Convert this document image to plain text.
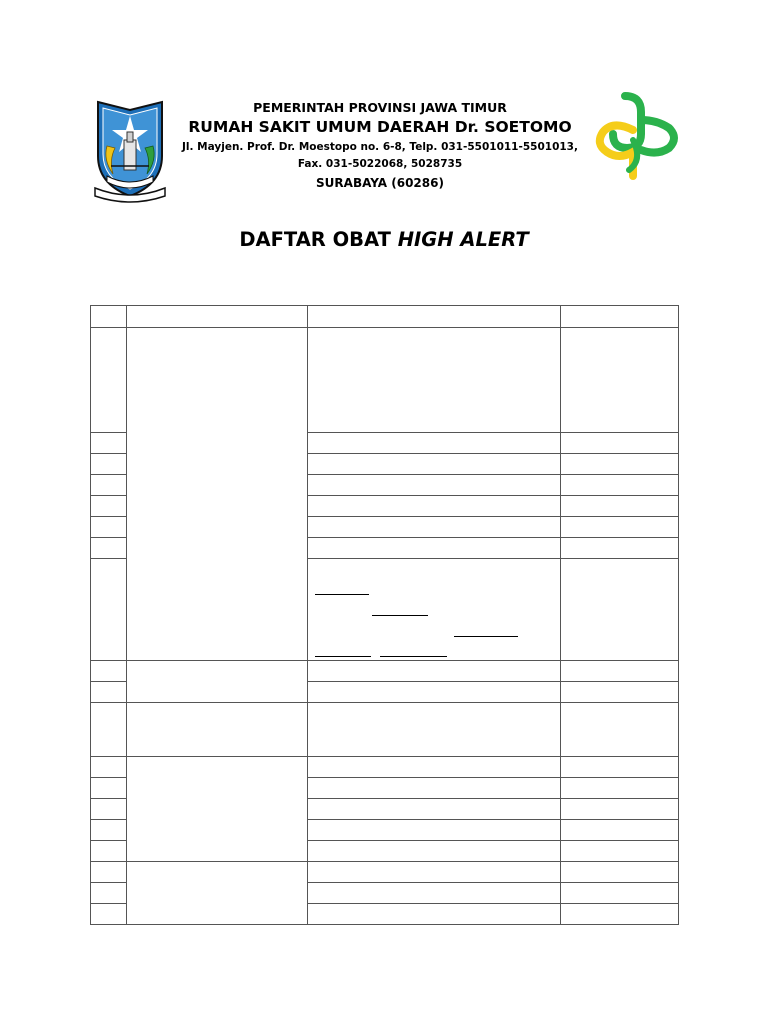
PEMERINTAH PROVINSI JAWA TIMUR
RUMAH SAKIT UMUM DAERAH Dr. SOETOMO
Jl. Mayjen. Prof. Dr. Moestopo no. 6-8, Telp. 031-5501011-5501013,
Fax. 031-5022068, 5028735
SURABAYA (60286)
DAFTAR OBAT HIGH ALERT
